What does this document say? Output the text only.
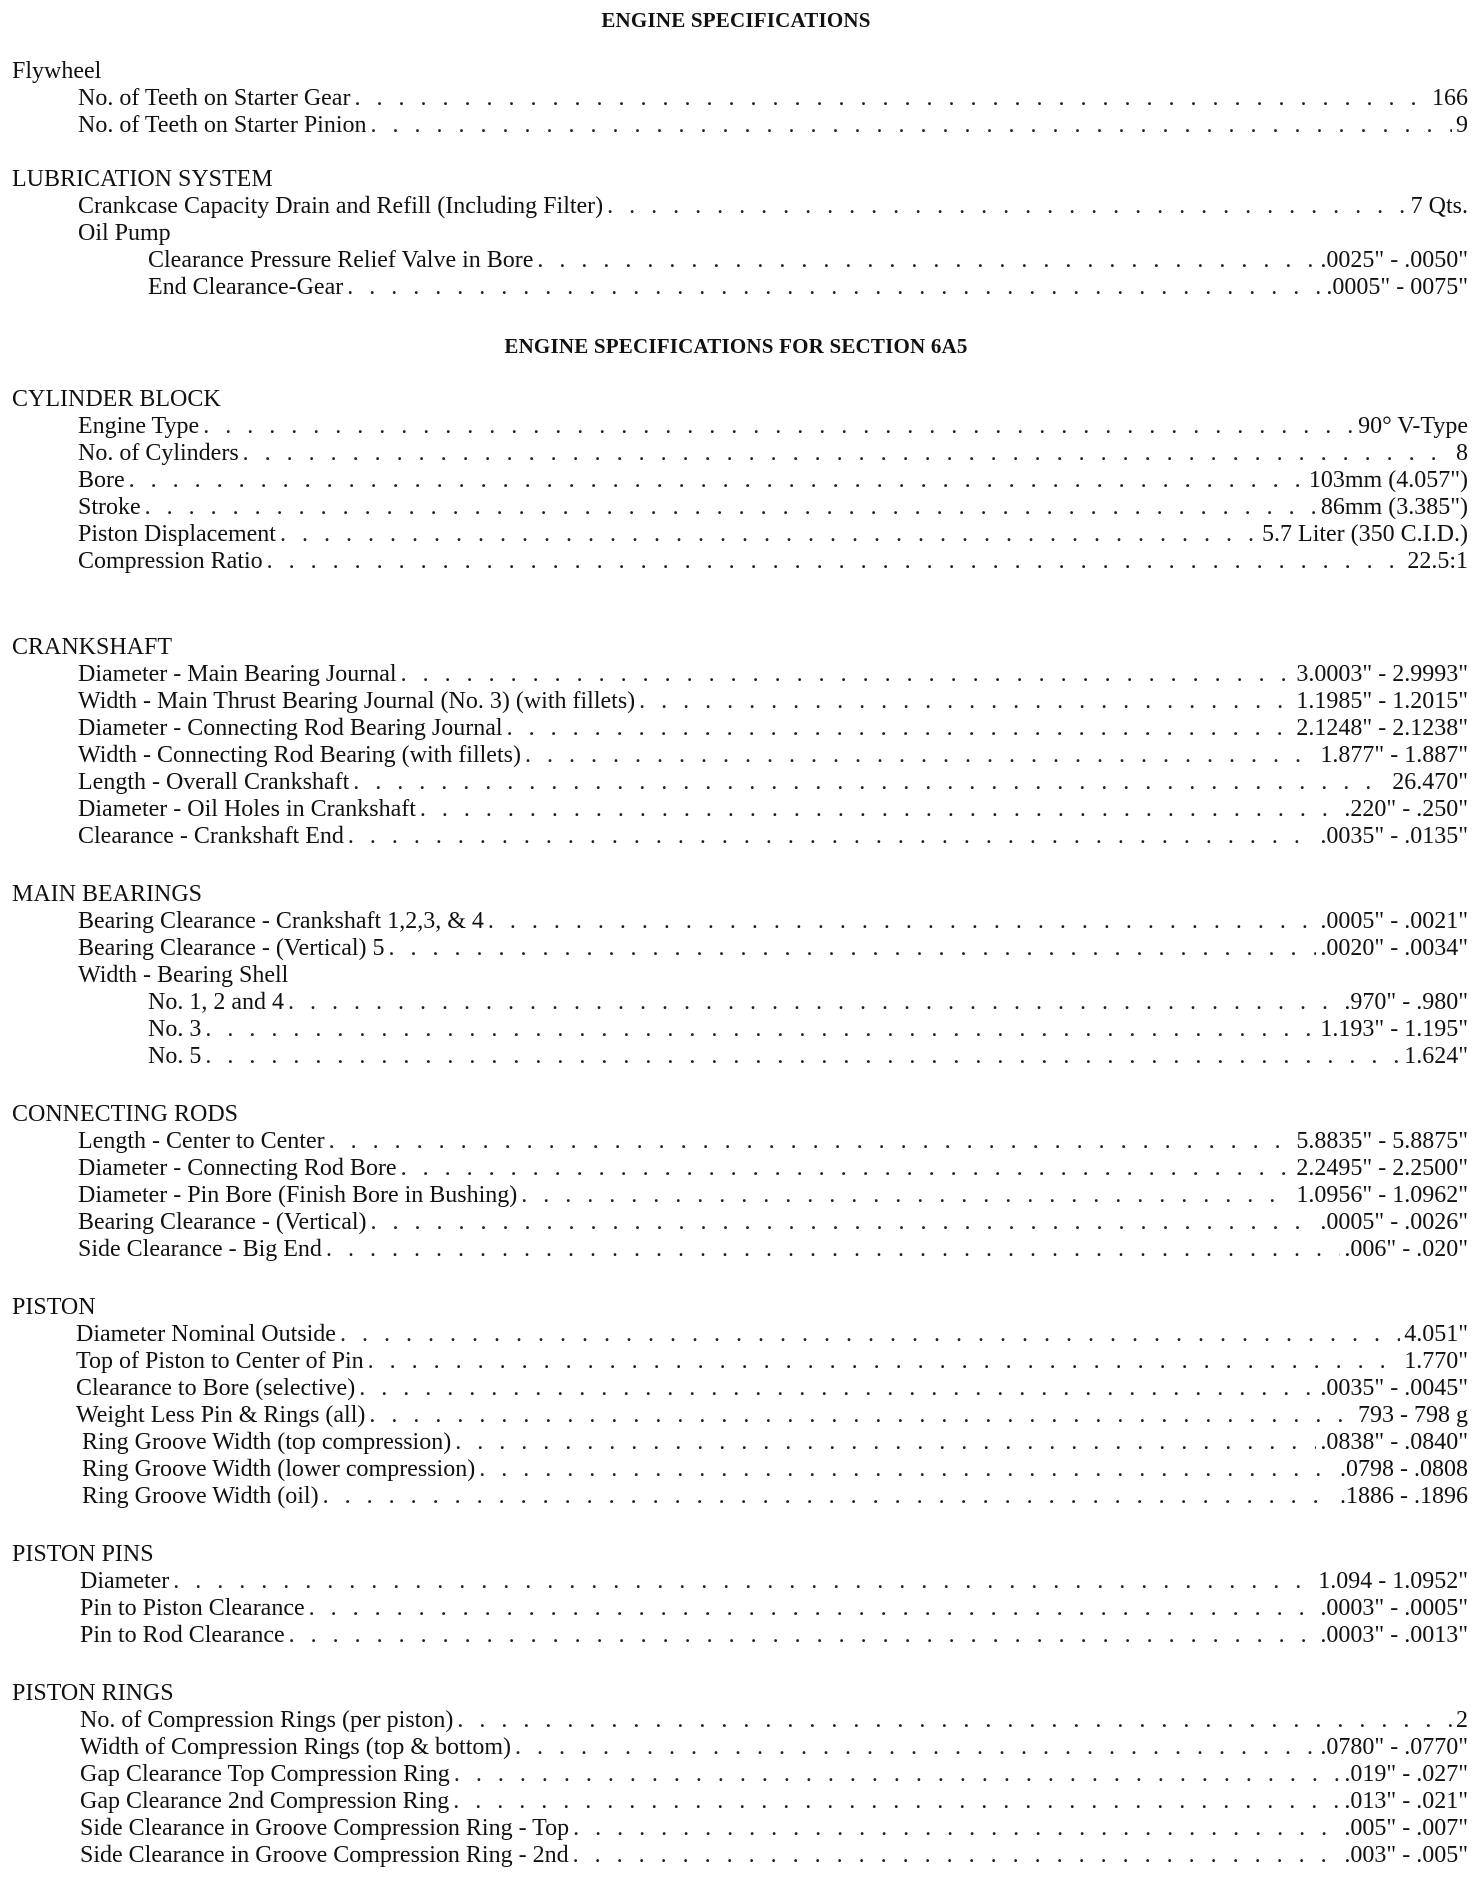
ENGINE SPECIFICATIONS
Flywheel
No. of Teeth on Starter Gear . . .	166
No. of Teeth on Starter Pinion . . .	9
LUBRICATION SYSTEM
Crankcase Capacity Drain and Refill (Including Filter) . . .	7 Qts.
Oil Pump
Clearance Pressure Relief Valve in Bore . . .	.0025" - .0050"
End Clearance-Gear . . .	.0005" - 0075"
ENGINE SPECIFICATIONS FOR SECTION 6A5
CYLINDER BLOCK
Engine Type . . .	90° V-Type
No. of Cylinders . . .	8
Bore . . .	103mm (4.057")
Stroke . . .	86mm (3.385")
Piston Displacement . . .	5.7 Liter (350 C.I.D.)
Compression Ratio . . .	22.5:1
CRANKSHAFT
Diameter - Main Bearing Journal . . .	3.0003" - 2.9993"
Width - Main Thrust Bearing Journal (No. 3) (with fillets) . . .	1.1985" - 1.2015"
Diameter - Connecting Rod Bearing Journal . . .	2.1248" - 2.1238"
Width - Connecting Rod Bearing (with fillets) . . .	1.877" - 1.887"
Length - Overall Crankshaft . . .	26.470"
Diameter - Oil Holes in Crankshaft . . .	.220" - .250"
Clearance - Crankshaft End . . .	.0035" - .0135"
MAIN BEARINGS
Bearing Clearance - Crankshaft 1,2,3, & 4 . . .	.0005" - .0021"
Bearing Clearance - (Vertical) 5 . . .	.0020" - .0034"
Width - Bearing Shell
No. 1, 2 and 4 . . .	.970" - .980"
No. 3 . . .	1.193" - 1.195"
No. 5 . . .	1.624"
CONNECTING RODS
Length - Center to Center . . .	5.8835" - 5.8875"
Diameter - Connecting Rod Bore . . .	2.2495" - 2.2500"
Diameter - Pin Bore (Finish Bore in Bushing) . . .	1.0956" - 1.0962"
Bearing Clearance - (Vertical) . . .	.0005" - .0026"
Side Clearance - Big End . . .	.006" - .020"
PISTON
Diameter Nominal Outside . . .	4.051"
Top of Piston to Center of Pin . . .	1.770"
Clearance to Bore (selective) . . .	.0035" - .0045"
Weight Less Pin & Rings (all) . . .	793 - 798 g
Ring Groove Width (top compression) . . .	.0838" - .0840"
Ring Groove Width (lower compression) . . .	.0798 - .0808
Ring Groove Width (oil) . . .	.1886 - .1896
PISTON PINS
Diameter . . .	1.094 - 1.0952"
Pin to Piston Clearance . . .	.0003" - .0005"
Pin to Rod Clearance . . .	.0003" - .0013"
PISTON RINGS
No. of Compression Rings (per piston) . . .	2
Width of Compression Rings (top & bottom) . . .	.0780" - .0770"
Gap Clearance Top Compression Ring . . .	.019" - .027"
Gap Clearance 2nd Compression Ring . . .	.013" - .021"
Side Clearance in Groove Compression Ring - Top . . .	.005" - .007"
Side Clearance in Groove Compression Ring - 2nd . . .	.003" - .005"
